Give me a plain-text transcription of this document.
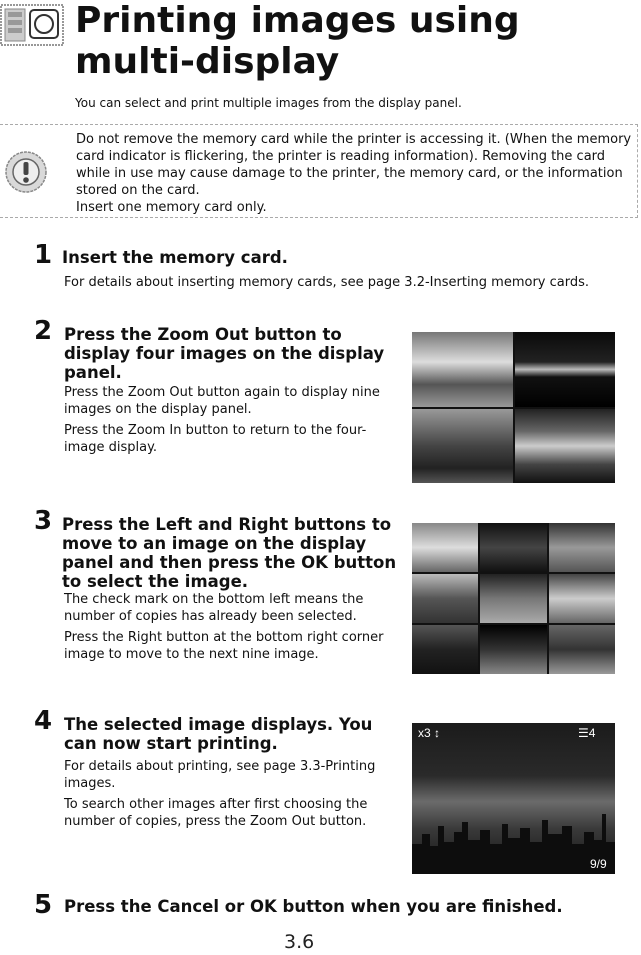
Printing images using multi-display
You can select and print multiple images from the display panel.

Do not remove the memory card while the printer is accessing it. (When the memory card indicator is flickering, the printer is reading information). Removing the card while in use may cause damage to the printer, the memory card, or the information stored on the card.

Insert one memory card only.

1 Insert the memory card.

For details about inserting memory cards, see page 3.2-Inserting memory cards.

2 Press the Zoom Out button to display four images on the display panel.

Press the Zoom Out button again to display nine images on the display panel.

Press the Zoom In button to return to the four-image display.

3 Press the Left and Right buttons to move to an image on the display panel and then press the OK button to select the image.

The check mark on the bottom left means the number of copies has already been selected.

Press the Right button at the bottom right corner image to move to the next nine image.

4 The selected image displays. You can now start printing.

For details about printing, see page 3.3-Printing images.

To search other images after first choosing the number of copies, press the Zoom Out button.

x3 ↕	☰4
9/9
5 Press the Cancel or OK button when you are finished.
3.6
